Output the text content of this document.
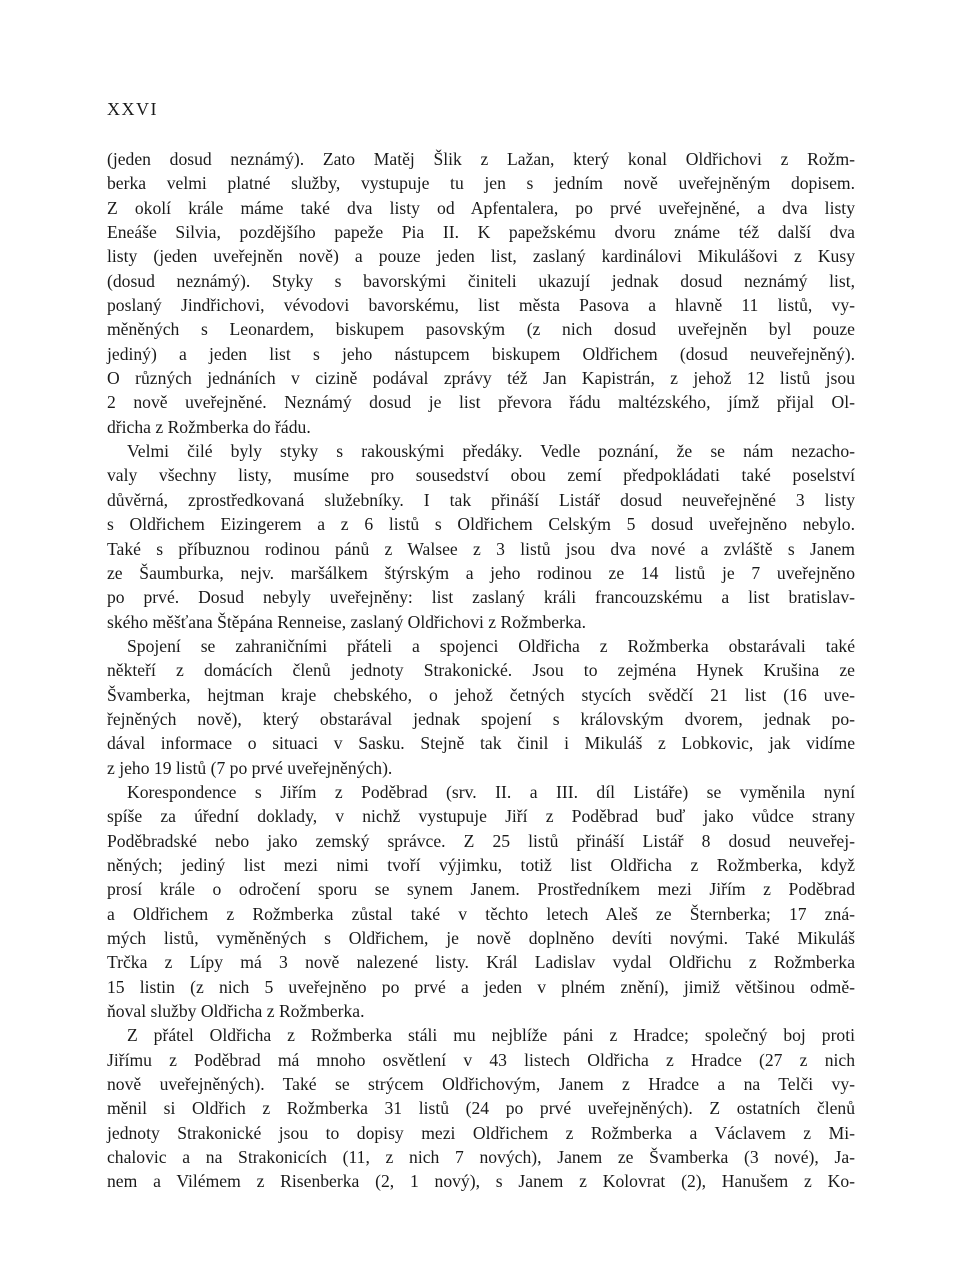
XXVI
(jeden dosud neznámý). Zato Matěj Šlik z Lažan, který konal Oldřichovi z Rožm-
berka velmi platné služby, vystupuje tu jen s jedním nově uveřejněným dopisem.
Z okolí krále máme také dva listy od Apfentalera, po prvé uveřejněné, a dva listy
Eneáše Silvia, pozdějšího papeže Pia II. K papežskému dvoru známe též další dva
listy (jeden uveřejněn nově) a pouze jeden list, zaslaný kardinálovi Mikulášovi z Kusy
(dosud neznámý). Styky s bavorskými činiteli ukazují jednak dosud neznámý list,
poslaný Jindřichovi, vévodovi bavorskému, list města Pasova a hlavně 11 listů, vy-
měněných s Leonardem, biskupem pasovským (z nich dosud uveřejněn byl pouze
jediný) a jeden list s jeho nástupcem biskupem Oldřichem (dosud neuveřejněný).
O různých jednáních v cizině podával zprávy též Jan Kapistrán, z jehož 12 listů jsou
2 nově uveřejněné. Neznámý dosud je list převora řádu maltézského, jímž přijal Ol-
dřicha z Rožmberka do řádu.
Velmi čilé byly styky s rakouskými předáky. Vedle poznání, že se nám nezacho-
valy všechny listy, musíme pro sousedství obou zemí předpokládati také poselství
důvěrná, zprostředkovaná služebníky. I tak přináší Listář dosud neuveřejněné 3 listy
s Oldřichem Eizingerem a z 6 listů s Oldřichem Celským 5 dosud uveřejněno nebylo.
Také s příbuznou rodinou pánů z Walsee z 3 listů jsou dva nové a zvláště s Janem
ze Šaumburka, nejv. maršálkem štýrským a jeho rodinou ze 14 listů je 7 uveřejněno
po prvé. Dosud nebyly uveřejněny: list zaslaný králi francouzskému a list bratislav-
ského měšťana Štěpána Renneise, zaslaný Oldřichovi z Rožmberka.
Spojení se zahraničními přáteli a spojenci Oldřicha z Rožmberka obstarávali také
někteří z domácích členů jednoty Strakonické. Jsou to zejména Hynek Krušina ze
Švamberka, hejtman kraje chebského, o jehož četných stycích svědčí 21 list (16 uve-
řejněných nově), který obstarával jednak spojení s královským dvorem, jednak po-
dával informace o situaci v Sasku. Stejně tak činil i Mikuláš z Lobkovic, jak vidíme
z jeho 19 listů (7 po prvé uveřejněných).
Korespondence s Jiřím z Poděbrad (srv. II. a III. díl Listáře) se vyměnila nyní
spíše za úřední doklady, v nichž vystupuje Jiří z Poděbrad buď jako vůdce strany
Poděbradské nebo jako zemský správce. Z 25 listů přináší Listář 8 dosud neuveřej-
něných; jediný list mezi nimi tvoří výjimku, totiž list Oldřicha z Rožmberka, když
prosí krále o odročení sporu se synem Janem. Prostředníkem mezi Jiřím z Poděbrad
a Oldřichem z Rožmberka zůstal také v těchto letech Aleš ze Šternberka; 17 zná-
mých listů, vyměněných s Oldřichem, je nově doplněno devíti novými. Také Mikuláš
Trčka z Lípy má 3 nově nalezené listy. Král Ladislav vydal Oldřichu z Rožmberka
15 listin (z nich 5 uveřejněno po prvé a jeden v plném znění), jimiž většinou odmě-
ňoval služby Oldřicha z Rožmberka.
Z přátel Oldřicha z Rožmberka stáli mu nejblíže páni z Hradce; společný boj proti
Jiřímu z Poděbrad má mnoho osvětlení v 43 listech Oldřicha z Hradce (27 z nich
nově uveřejněných). Také se strýcem Oldřichovým, Janem z Hradce a na Telči vy-
měnil si Oldřich z Rožmberka 31 listů (24 po prvé uveřejněných). Z ostatních členů
jednoty Strakonické jsou to dopisy mezi Oldřichem z Rožmberka a Václavem z Mi-
chalovic a na Strakonicích (11, z nich 7 nových), Janem ze Švamberka (3 nové), Ja-
nem a Vilémem z Risenberka (2, 1 nový), s Janem z Kolovrat (2), Hanušem z Ko-
